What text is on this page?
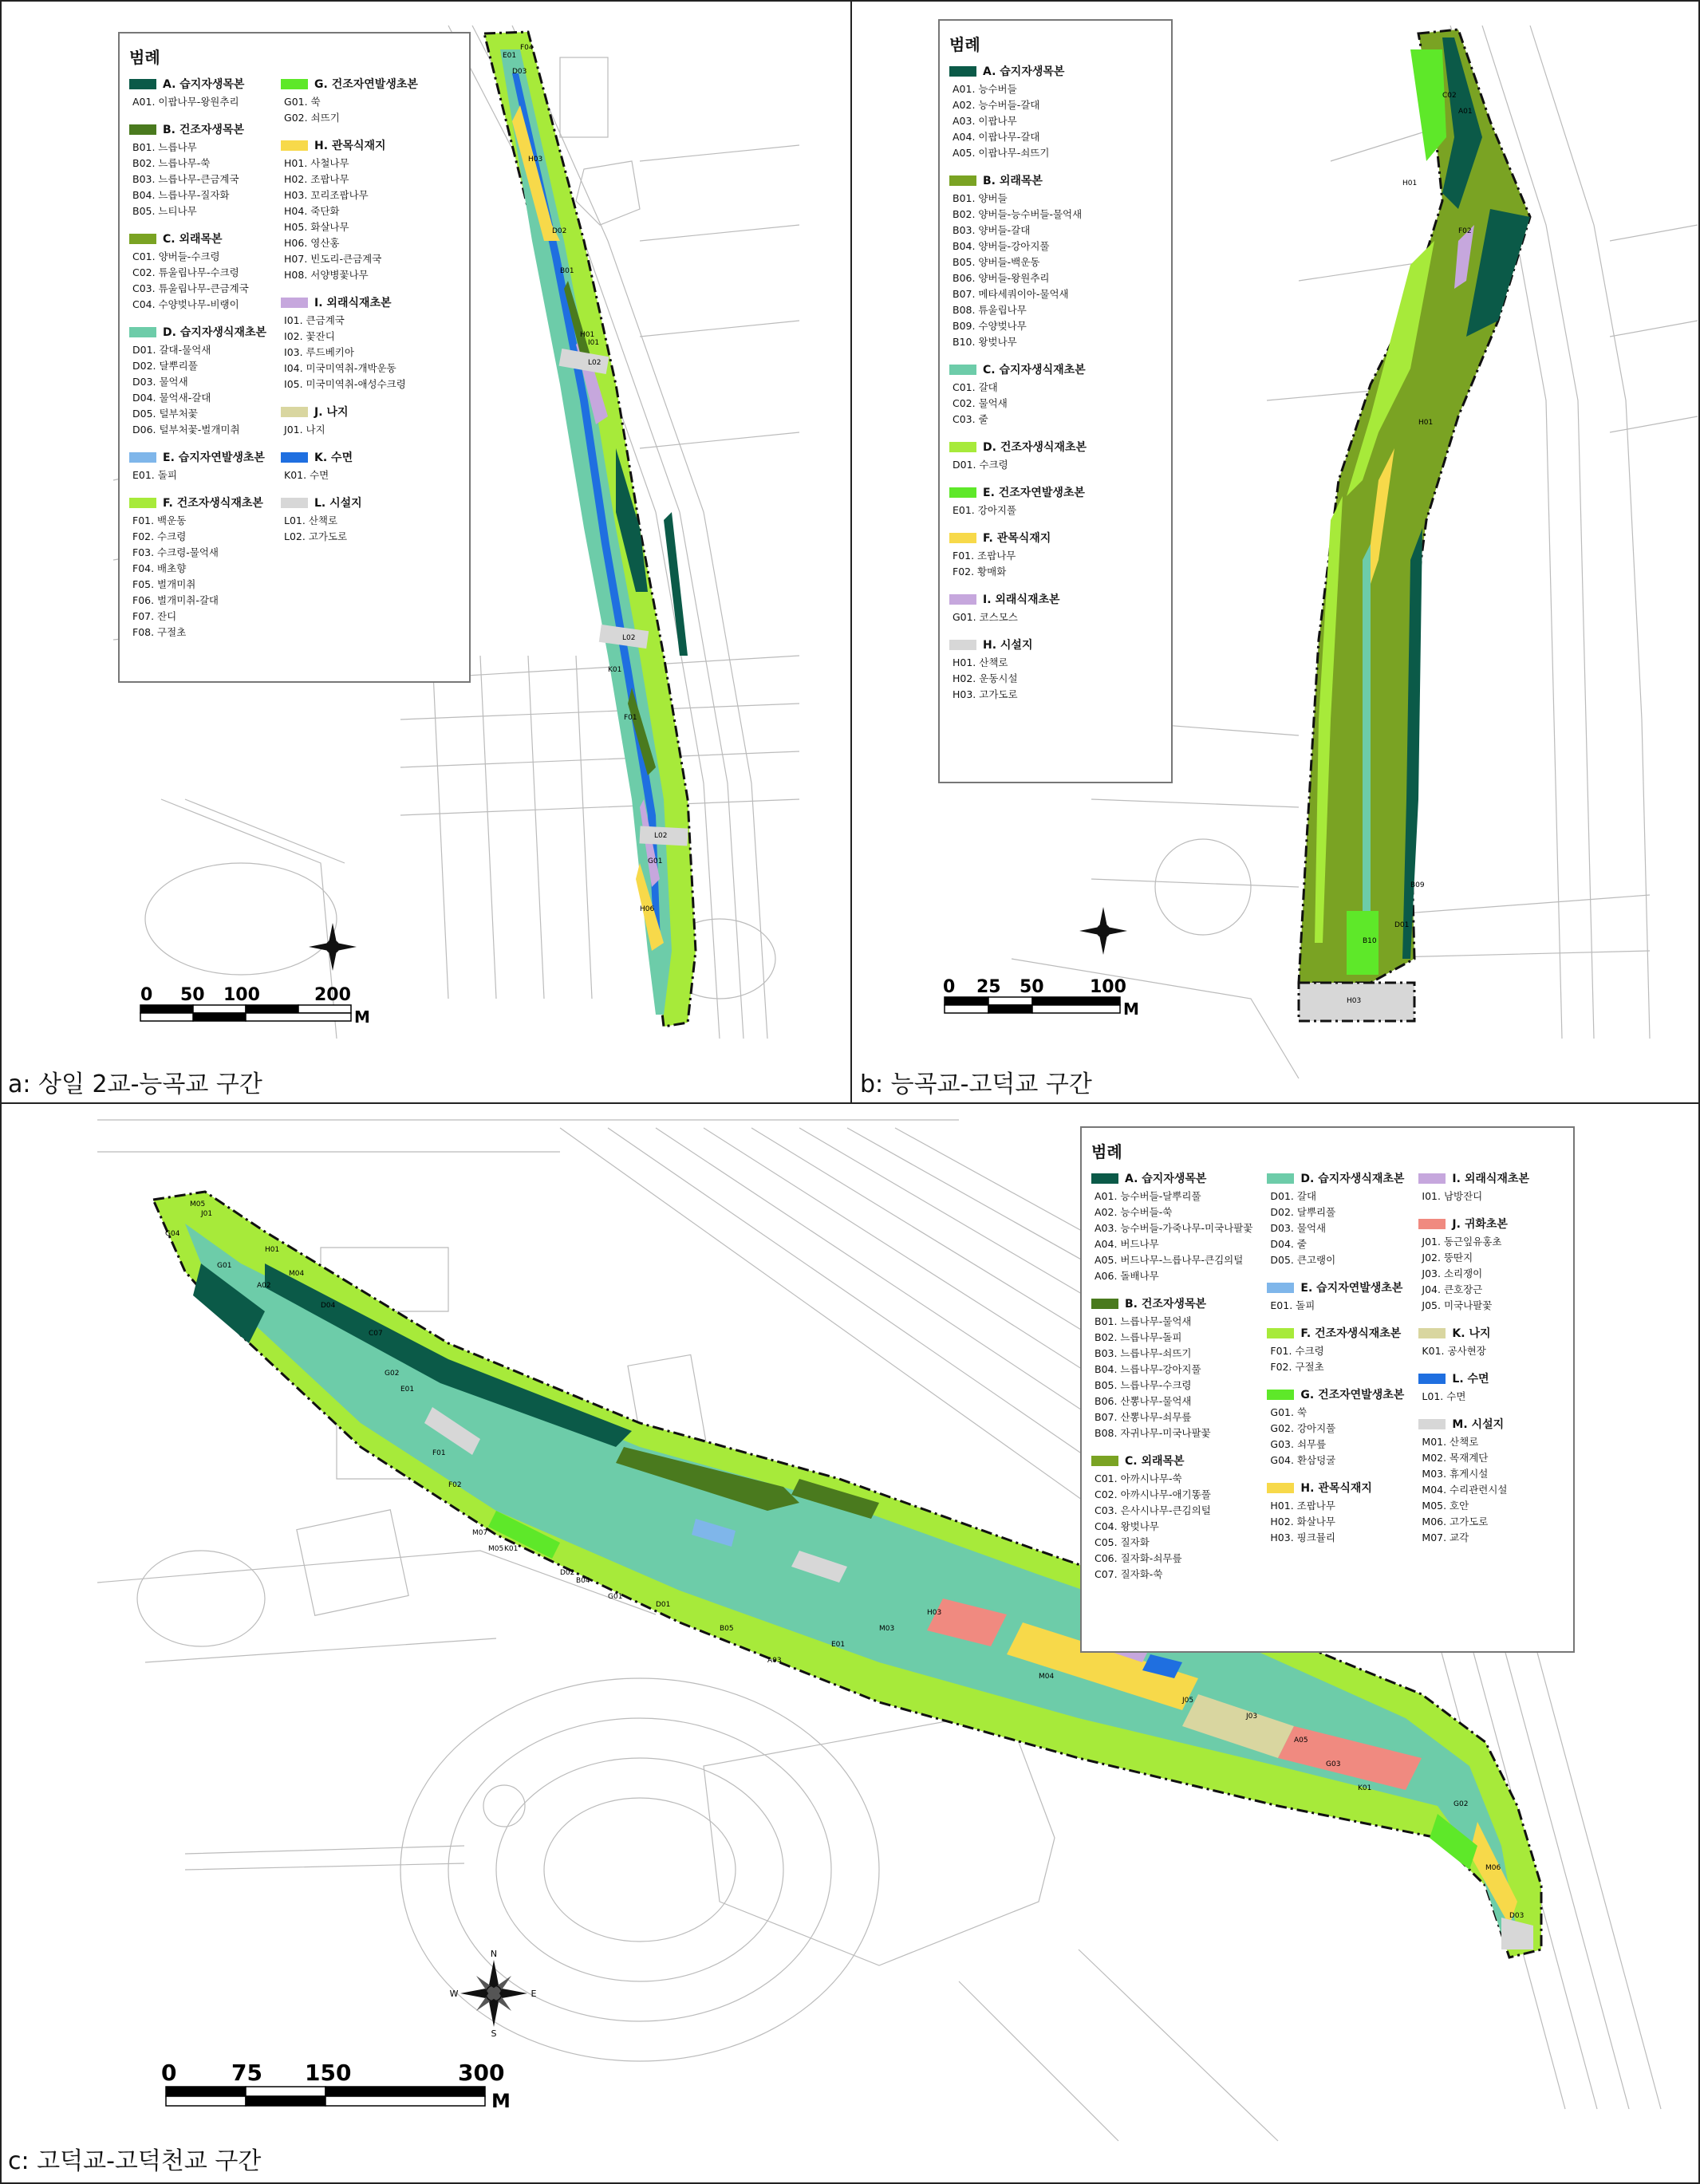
E01
D03
F04
H01
I01
L02
L02
L02
K01
D02
B01
F01
G01
H03
H06
범례
A. 습지자생목본
A01. 이팝나무-왕원추리
B. 건조자생목본
B01. 느릅나무
B02. 느릅나무-쑥
B03. 느릅나무-큰금계국
B04. 느릅나무-질자화
B05. 느티나무
C. 외래목본
C01. 양버들-수크령
C02. 튜울립나무-수크령
C03. 튜울립나무-큰금계국
C04. 수양벚나무-비랭이
D. 습지자생식재초본
D01. 갈대-물억새
D02. 달뿌리풀
D03. 물억새
D04. 물억새-갈대
D05. 털부처꽃
D06. 털부처꽃-벌개미취
E. 습지자연발생초본
E01. 돌피
F. 건조자생식재초본
F01. 백운동
F02. 수크령
F03. 수크령-물억새
F04. 배초향
F05. 벌개미취
F06. 벌개미취-갈대
F07. 잔디
F08. 구절초
G. 건조자연발생초본
G01. 쑥
G02. 쇠뜨기
H. 관목식재지
H01. 사철나무
H02. 조팝나무
H03. 꼬리조팝나무
H04. 죽단화
H05. 화살나무
H06. 영산홍
H07. 빈도리-큰금계국
H08. 서양병꽃나무
I. 외래식재초본
I01. 큰금계국
I02. 꽃잔디
I03. 루드베키아
I04. 미국미역취-개박운동
I05. 미국미역취-애성수크령
J. 나지
J01. 나지
K. 수면
K01. 수면
L. 시설지
L01. 산책로
L02. 고가도로
0 50 100	200
M
a: 상일 2교-능곡교 구간
C02
A01
H01
H01
B09
H03
F02
B10
D01
범례
A. 습지자생목본
A01. 능수버들
A02. 능수버들-갈대
A03. 이팝나무
A04. 이팝나무-갈대
A05. 이팝나무-쇠뜨기
B. 외래목본
B01. 양버들
B02. 양버들-능수버들-물억새
B03. 양버들-갈대
B04. 양버들-강아지풀
B05. 양버들-백운동
B06. 양버들-왕원추리
B07. 메타세쿼이아-물억새
B08. 튜울립나무
B09. 수양벚나무
B10. 왕벚나무
C. 습지자생식재초본
C01. 갈대
C02. 물억새
C03. 줄
D. 건조자생식재초본
D01. 수크령
E. 건조자연발생초본
E01. 강아지풀
F. 관목식재지
F01. 조팝나무
F02. 황매화
I. 외래식재초본
G01. 코스모스
H. 시설지
H01. 산책로
H02. 운동시설
H03. 고가도로
0 25 50	100
M
b: 능곡교-고덕교 구간
M05
J01
G04
A02
G01
H01
M04
D04
C07
G02
E01
F01
F02
M07
M05 K01
D02
B04
G01
D01
B05
A03
E01
M03
H03
M04
J05
J03
A05
G03
K01
G02
M06
D03
범례
A. 습지자생목본
A01. 능수버들-달뿌리풀
A02. 능수버들-쑥
A03. 능수버들-가죽나무-미국나팔꽃
A04. 버드나무
A05. 버드나무-느릅나무-큰김의털
A06. 돌배나무
B. 건조자생목본
B01. 느릅나무-물억새
B02. 느릅나무-돌피
B03. 느릅나무-쇠뜨기
B04. 느릅나무-강아지풀
B05. 느릅나무-수크령
B06. 산뽕나무-물억새
B07. 산뽕나무-쇠무릎
B08. 자귀나무-미국나팔꽃
C. 외래목본
C01. 아까시나무-쑥
C02. 아까시나무-애기똥풀
C03. 은사시나무-큰김의털
C04. 왕벚나무
C05. 질자화
C06. 질자화-쇠무릎
C07. 질자화-쑥
D. 습지자생식재초본
D01. 갈대
D02. 달뿌리풀
D03. 물억새
D04. 줄
D05. 큰고랭이
E. 습지자연발생초본
E01. 돌피
F. 건조자생식재초본
F01. 수크령
F02. 구절초
G. 건조자연발생초본
G01. 쑥
G02. 강아지풀
G03. 쇠무릎
G04. 환삼덩굴
H. 관목식재지
H01. 조팝나무
H02. 화살나무
H03. 핑크뮬리
I. 외래식재초본
I01. 남방잔디
J. 귀화초본
J01. 동근잎유홍초
J02. 뚱딴지
J03. 소리쟁이
J04. 큰호장근
J05. 미국나팔꽃
K. 나지
K01. 공사현장
L. 수면
L01. 수면
M. 시설지
M01. 산책로
M02. 목재계단
M03. 휴게시설
M04. 수리관련시설
M05. 호안
M06. 고가도로
M07. 교각
N
E
S
W
0 75 150	300
M
c: 고덕교-고덕천교 구간
